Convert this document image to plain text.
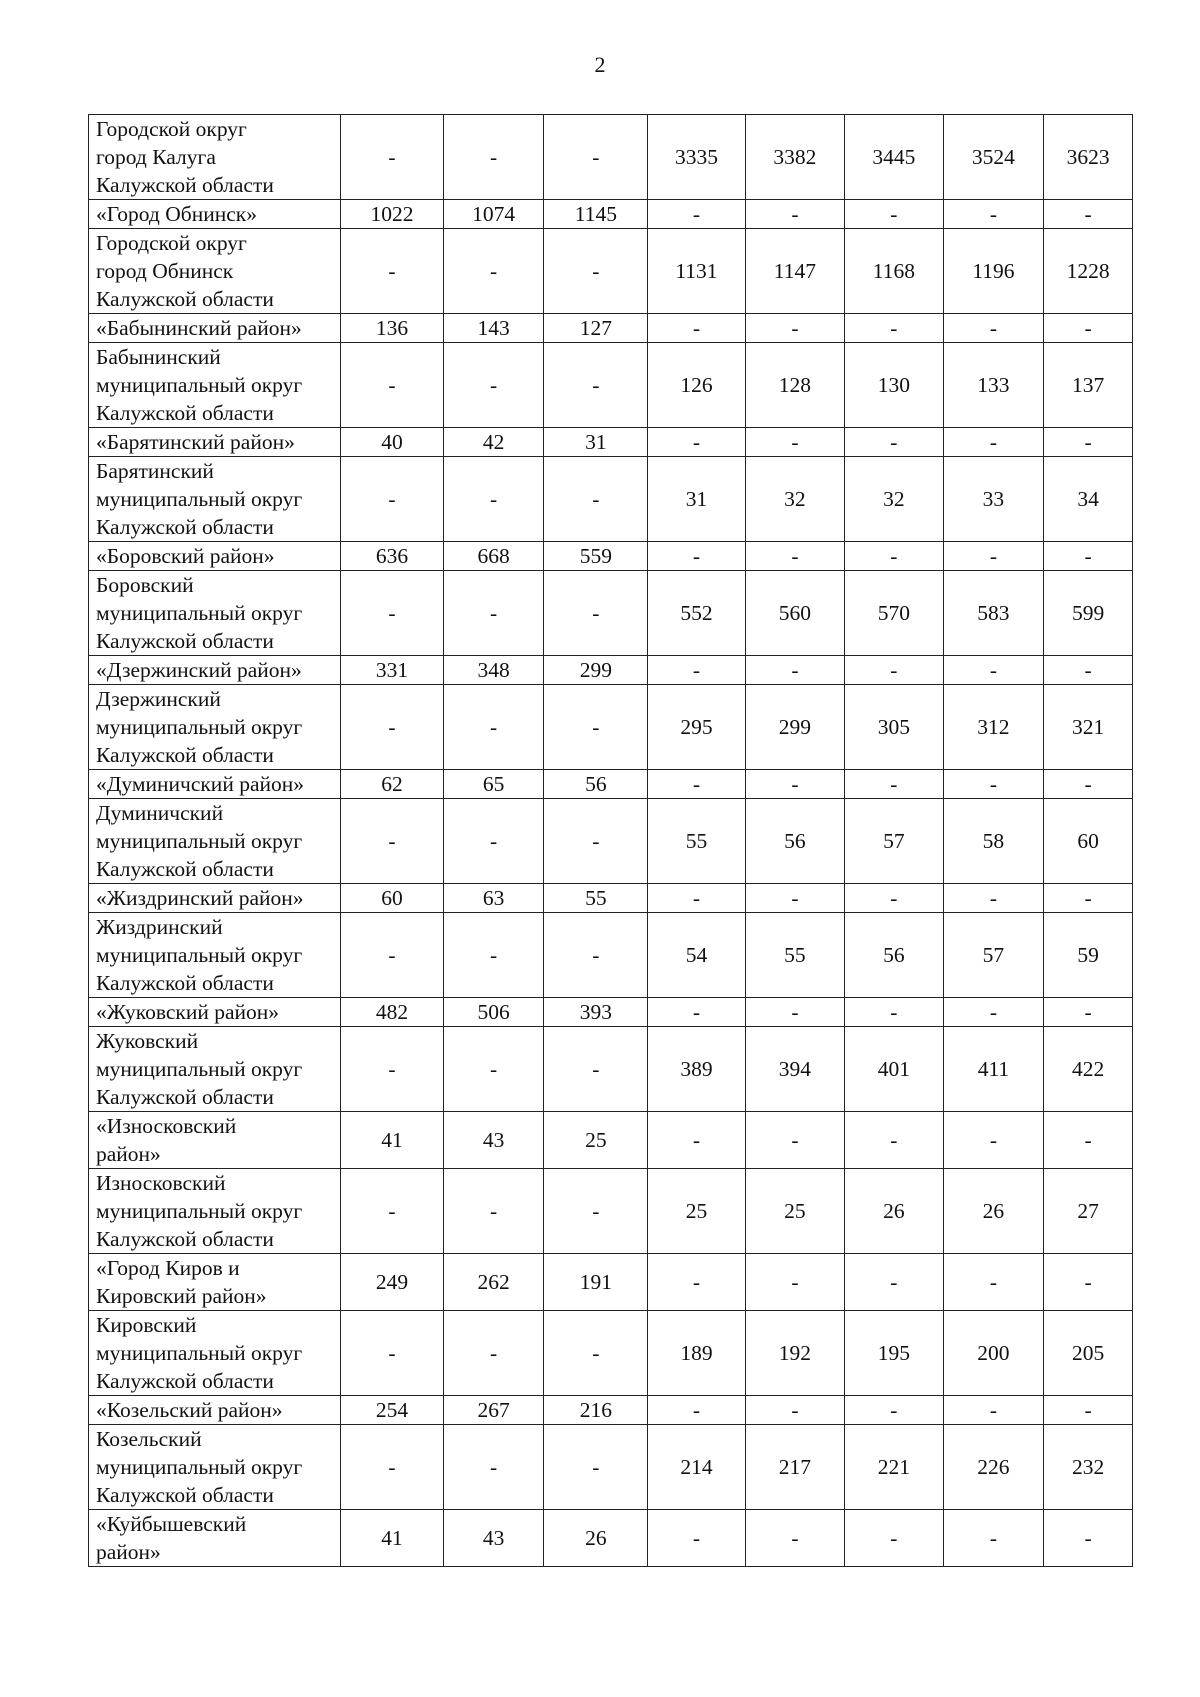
2
Городской округ
город Калуга
Калужской области	-	-	-	3335	3382	3445	3524	3623
«Город Обнинск»	1022	1074	1145	-	-	-	-	-
Городской округ
город Обнинск
Калужской области	-	-	-	1131	1147	1168	1196	1228
«Бабынинский район»	136	143	127	-	-	-	-	-
Бабынинский
муниципальный округ
Калужской области	-	-	-	126	128	130	133	137
«Барятинский район»	40	42	31	-	-	-	-	-
Барятинский
муниципальный округ
Калужской области	-	-	-	31	32	32	33	34
«Боровский район»	636	668	559	-	-	-	-	-
Боровский
муниципальный округ
Калужской области	-	-	-	552	560	570	583	599
«Дзержинский район»	331	348	299	-	-	-	-	-
Дзержинский
муниципальный округ
Калужской области	-	-	-	295	299	305	312	321
«Думиничский район»	62	65	56	-	-	-	-	-
Думиничский
муниципальный округ
Калужской области	-	-	-	55	56	57	58	60
«Жиздринский район»	60	63	55	-	-	-	-	-
Жиздринский
муниципальный округ
Калужской области	-	-	-	54	55	56	57	59
«Жуковский район»	482	506	393	-	-	-	-	-
Жуковский
муниципальный округ
Калужской области	-	-	-	389	394	401	411	422
«Износковский
район»	41	43	25	-	-	-	-	-
Износковский
муниципальный округ
Калужской области	-	-	-	25	25	26	26	27
«Город Киров и
Кировский район»	249	262	191	-	-	-	-	-
Кировский
муниципальный округ
Калужской области	-	-	-	189	192	195	200	205
«Козельский район»	254	267	216	-	-	-	-	-
Козельский
муниципальный округ
Калужской области	-	-	-	214	217	221	226	232
«Куйбышевский
район»	41	43	26	-	-	-	-	-
